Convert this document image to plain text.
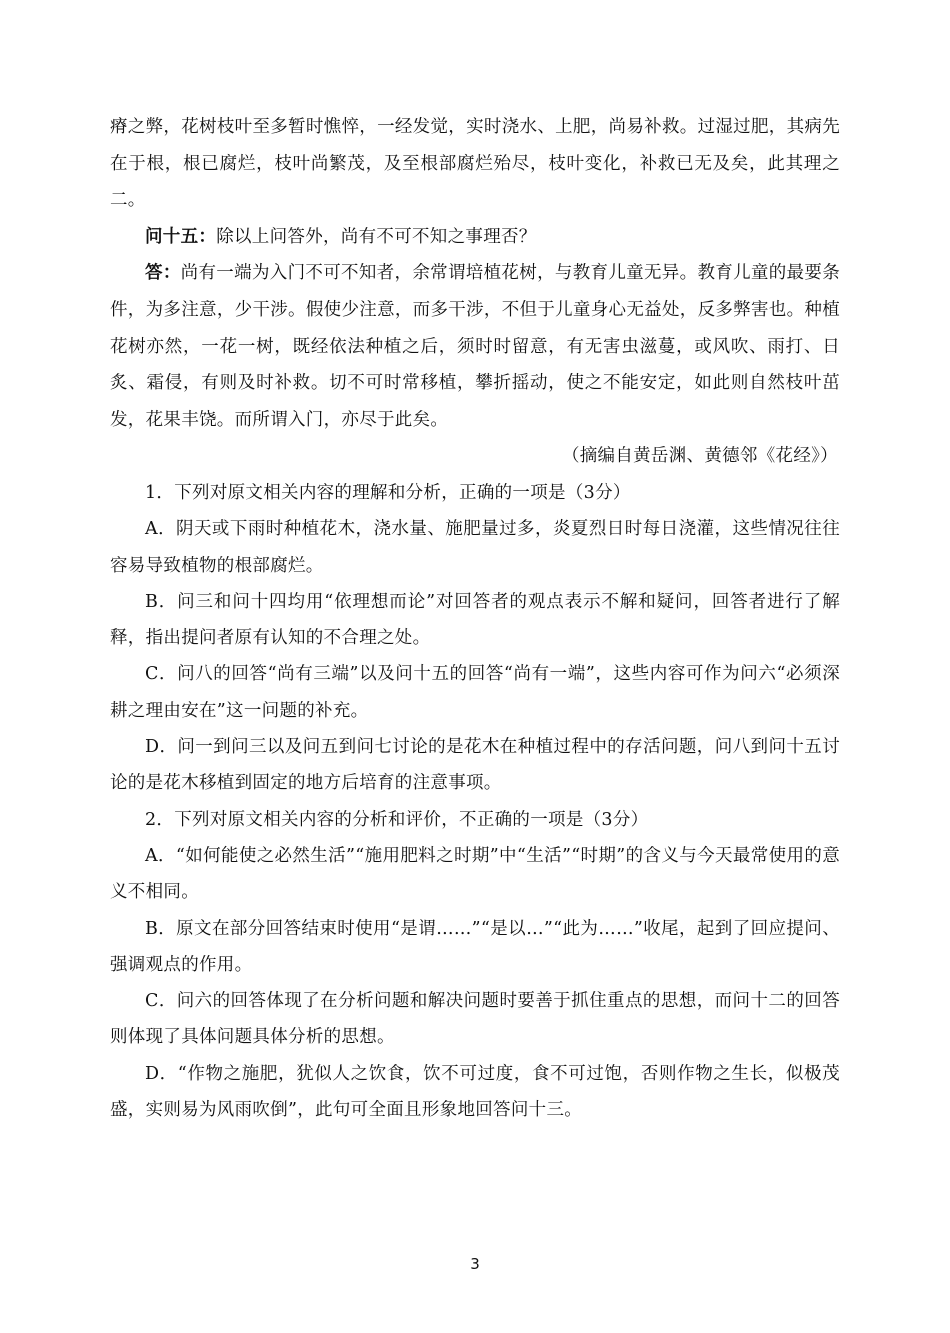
瘠之弊，花树枝叶至多暂时憔悴，一经发觉，实时浇水、上肥，尚易补救。过湿过肥，其病先在于根，根已腐烂，枝叶尚繁茂，及至根部腐烂殆尽，枝叶变化，补救已无及矣，此其理之二。

问十五：除以上问答外，尚有不可不知之事理否？

答：尚有一端为入门不可不知者，余常谓培植花树，与教育儿童无异。教育儿童的最要条件，为多注意，少干涉。假使少注意，而多干涉，不但于儿童身心无益处，反多弊害也。种植花树亦然，一花一树，既经依法种植之后，须时时留意，有无害虫滋蔓，或风吹、雨打、日炙、霜侵，有则及时补救。切不可时常移植，攀折摇动，使之不能安定，如此则自然枝叶茁发，花果丰饶。而所谓入门，亦尽于此矣。

（摘编自黄岳渊、黄德邻《花经》）

1．下列对原文相关内容的理解和分析，正确的一项是（3分）

A．阴天或下雨时种植花木，浇水量、施肥量过多，炎夏烈日时每日浇灌，这些情况往往容易导致植物的根部腐烂。

B．问三和问十四均用“依理想而论”对回答者的观点表示不解和疑问，回答者进行了解释，指出提问者原有认知的不合理之处。

C．问八的回答“尚有三端”以及问十五的回答“尚有一端”，这些内容可作为问六“必须深耕之理由安在”这一问题的补充。

D．问一到问三以及问五到问七讨论的是花木在种植过程中的存活问题，问八到问十五讨论的是花木移植到固定的地方后培育的注意事项。

2．下列对原文相关内容的分析和评价，不正确的一项是（3分）

A．“如何能使之必然生活”“施用肥料之时期”中“生活”“时期”的含义与今天最常使用的意义不相同。

B．原文在部分回答结束时使用“是谓……”“是以…”“此为……”收尾，起到了回应提问、强调观点的作用。

C．问六的回答体现了在分析问题和解决问题时要善于抓住重点的思想，而问十二的回答则体现了具体问题具体分析的思想。

D．“作物之施肥，犹似人之饮食，饮不可过度，食不可过饱，否则作物之生长，似极茂盛，实则易为风雨吹倒”，此句可全面且形象地回答问十三。

3
